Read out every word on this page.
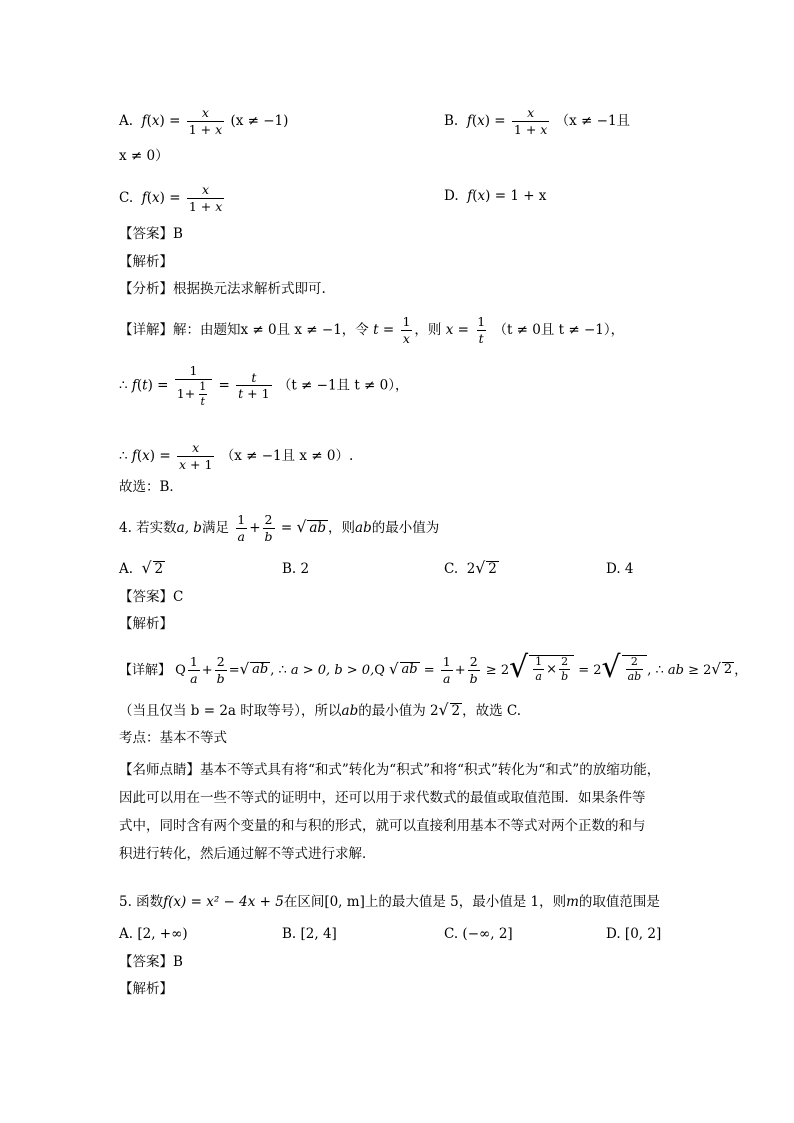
A. $f(x) = \frac{x}{1 + x} (x \ne -1)$	B. $f(x) = \frac{x}{1 + x} (x \ne -1$且
x ≠ 0）
C. $f(x) = \frac{x}{1 + x}$	D. f(x) = 1 + x
【答案】B
【解析】
【分析】根据换元法求解析式即可.
【详解】解：由题知x ≠ 0且 x ≠ −1，令 $t = \frac{1}{x}$ ，则 $x = \frac{1}{t} (t \ne 0$且 t ≠ −1），
∴ $f(t) = \frac{1}{1+ \frac{1}{t}} = \frac{t}{t + 1} (t \ne -1$且 t ≠ 0），
∴ $f(x) = \frac{x}{x + 1} (x \ne -1$且 x ≠ 0）.
故选：B．
4. 若实数a, b满足 $\frac{1}{a} + \frac{2}{b}$ = √ ab ，则ab的最小值为
A. √ 2	B. 2	C.  2 √ 2	D. 4
【答案】C
【解析】
【详解】 Q $\frac{1}{a} + \frac{2}{b}$ = √ ab , ∴ a > 0, b > 0,Q √ ab = $\frac{1}{a} + \frac{2}{b} \ge 2$ √ $\frac{1}{a} \times \frac{2}{b} = 2$ √ $\frac{2}{ab}$ , ∴ ab ≥ 2 √ 2 ，
（当且仅当 b = 2a 时取等号），所以ab的最小值为 2 √ 2 ，故选 C.
考点：基本不等式
【名师点睛】基本不等式具有将“和式”转化为“积式”和将“积式”转化为“和式”的放缩功能，
因此可以用在一些不等式的证明中，还可以用于求代数式的最值或取值范围．如果条件等
式中，同时含有两个变量的和与积的形式，就可以直接利用基本不等式对两个正数的和与
积进行转化，然后通过解不等式进行求解．
5. 函数f(x) = x² − 4x + 5在区间[0, m]上的最大值是 5，最小值是 1，则m的取值范围是
A. [2, +∞)	B. [2, 4]	C. (−∞, 2]	D. [0, 2]
【答案】B
【解析】
